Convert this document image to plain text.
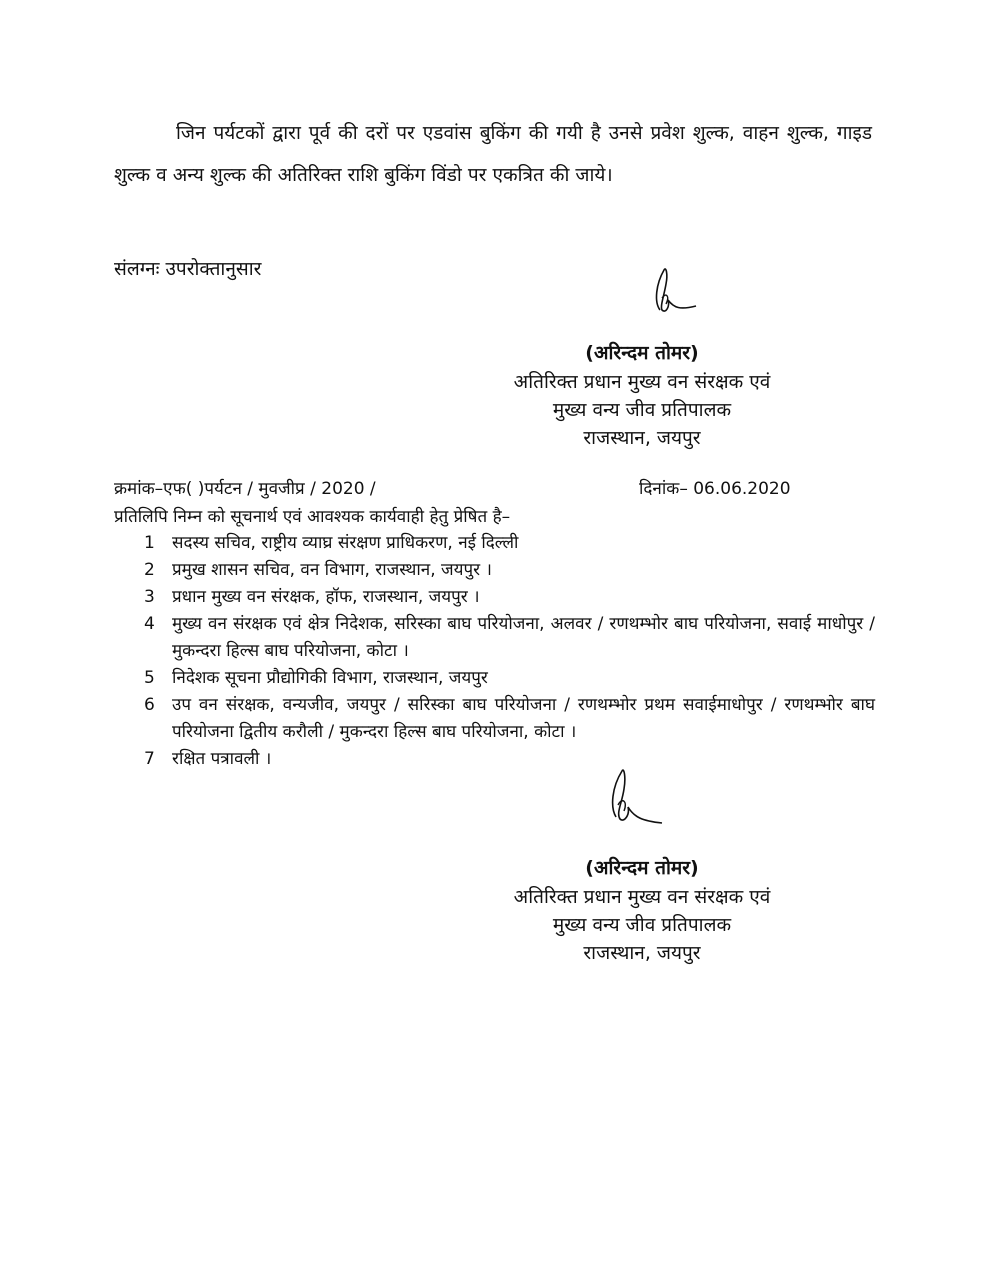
जिन पर्यटकों द्वारा पूर्व की दरों पर एडवांस बुकिंग की गयी है उनसे प्रवेश शुल्क, वाहन शुल्क, गाइड शुल्क व अन्य शुल्क की अतिरिक्त राशि बुकिंग विंडो पर एकत्रित की जाये।

संलग्नः उपरोक्तानुसार

(अरिन्दम तोमर)
अतिरिक्त प्रधान मुख्य वन संरक्षक एवं
मुख्य वन्य जीव प्रतिपालक
राजस्थान, जयपुर
क्रमांक–एफ( )पर्यटन / मुवजीप्र / 2020 /	दिनांक– 06.06.2020

प्रतिलिपि निम्न को सूचनार्थ एवं आवश्यक कार्यवाही हेतु प्रेषित है–

1 सदस्य सचिव, राष्ट्रीय व्याघ्र संरक्षण प्राधिकरण, नई दिल्ली
2 प्रमुख शासन सचिव, वन विभाग, राजस्थान, जयपुर ।
3 प्रधान मुख्य वन संरक्षक, हॉफ, राजस्थान, जयपुर ।
4 मुख्य वन संरक्षक एवं क्षेत्र निदेशक, सरिस्का बाघ परियोजना, अलवर / रणथम्भोर बाघ परियोजना, सवाई माधोपुर / मुकन्दरा हिल्स बाघ परियोजना, कोटा ।
5 निदेशक सूचना प्रौद्योगिकी विभाग, राजस्थान, जयपुर
6 उप वन संरक्षक, वन्यजीव, जयपुर / सरिस्का बाघ परियोजना / रणथम्भोर प्रथम सवाईमाधोपुर / रणथम्भोर बाघ परियोजना द्वितीय करौली / मुकन्दरा हिल्स बाघ परियोजना, कोटा ।
7 रक्षित पत्रावली ।
(अरिन्दम तोमर)
अतिरिक्त प्रधान मुख्य वन संरक्षक एवं
मुख्य वन्य जीव प्रतिपालक
राजस्थान, जयपुर
